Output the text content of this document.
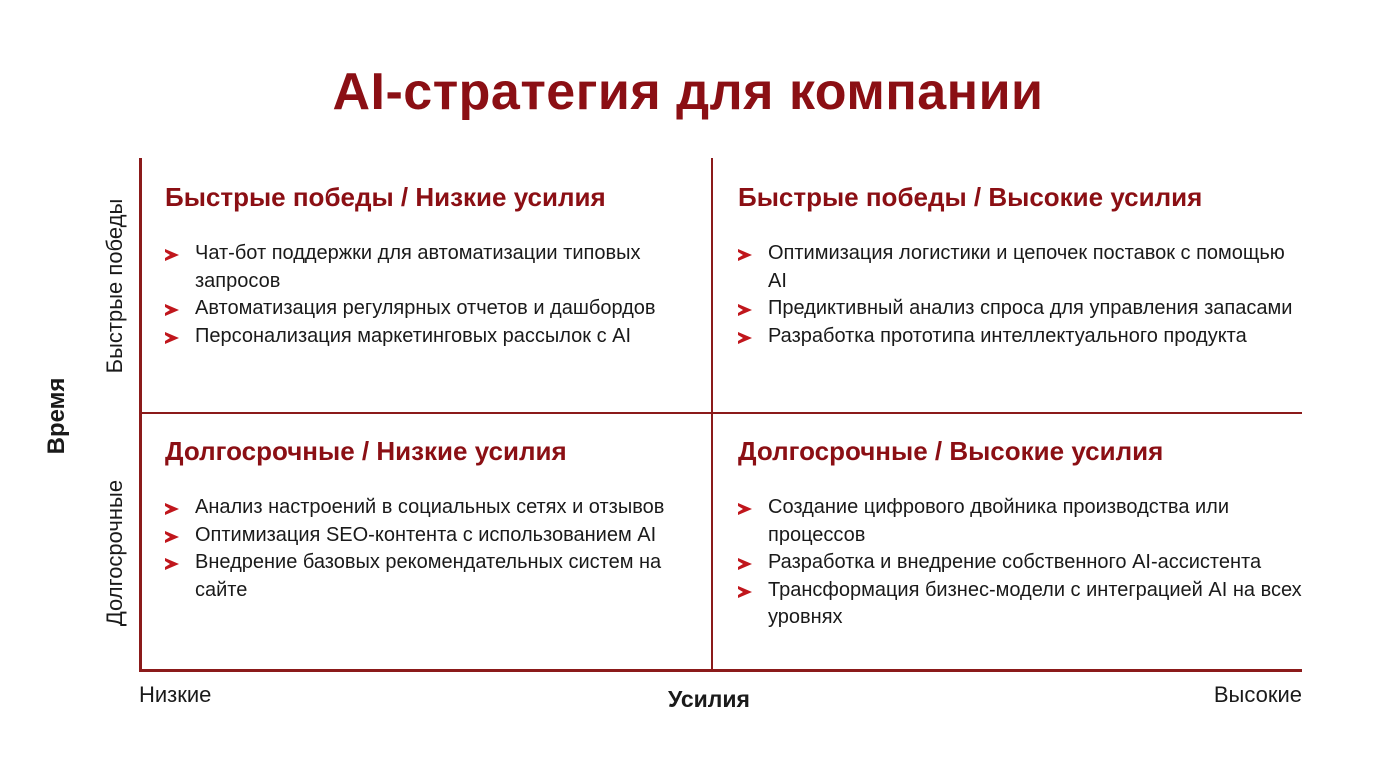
AI-стратегия для компании
Время
Быстрые победы
Долгосрочные
Низкие	Усилия	Высокие
Быстрые победы / Низкие усилия
Чат-бот поддержки для автоматизации типовых запросов
Автоматизация регулярных отчетов и дашбордов
Персонализация маркетинговых рассылок с AI
Быстрые победы / Высокие усилия
Оптимизация логистики и цепочек поставок с помощью AI
Предиктивный анализ спроса для управления запасами
Разработка прототипа интеллектуального продукта
Долгосрочные / Низкие усилия
Анализ настроений в социальных сетях и отзывов
Оптимизация SEO-контента с использованием AI
Внедрение базовых рекомендательных систем на сайте
Долгосрочные / Высокие усилия
Создание цифрового двойника производства или процессов
Разработка и внедрение собственного AI-ассистента
Трансформация бизнес-модели с интеграцией AI на всех уровнях
